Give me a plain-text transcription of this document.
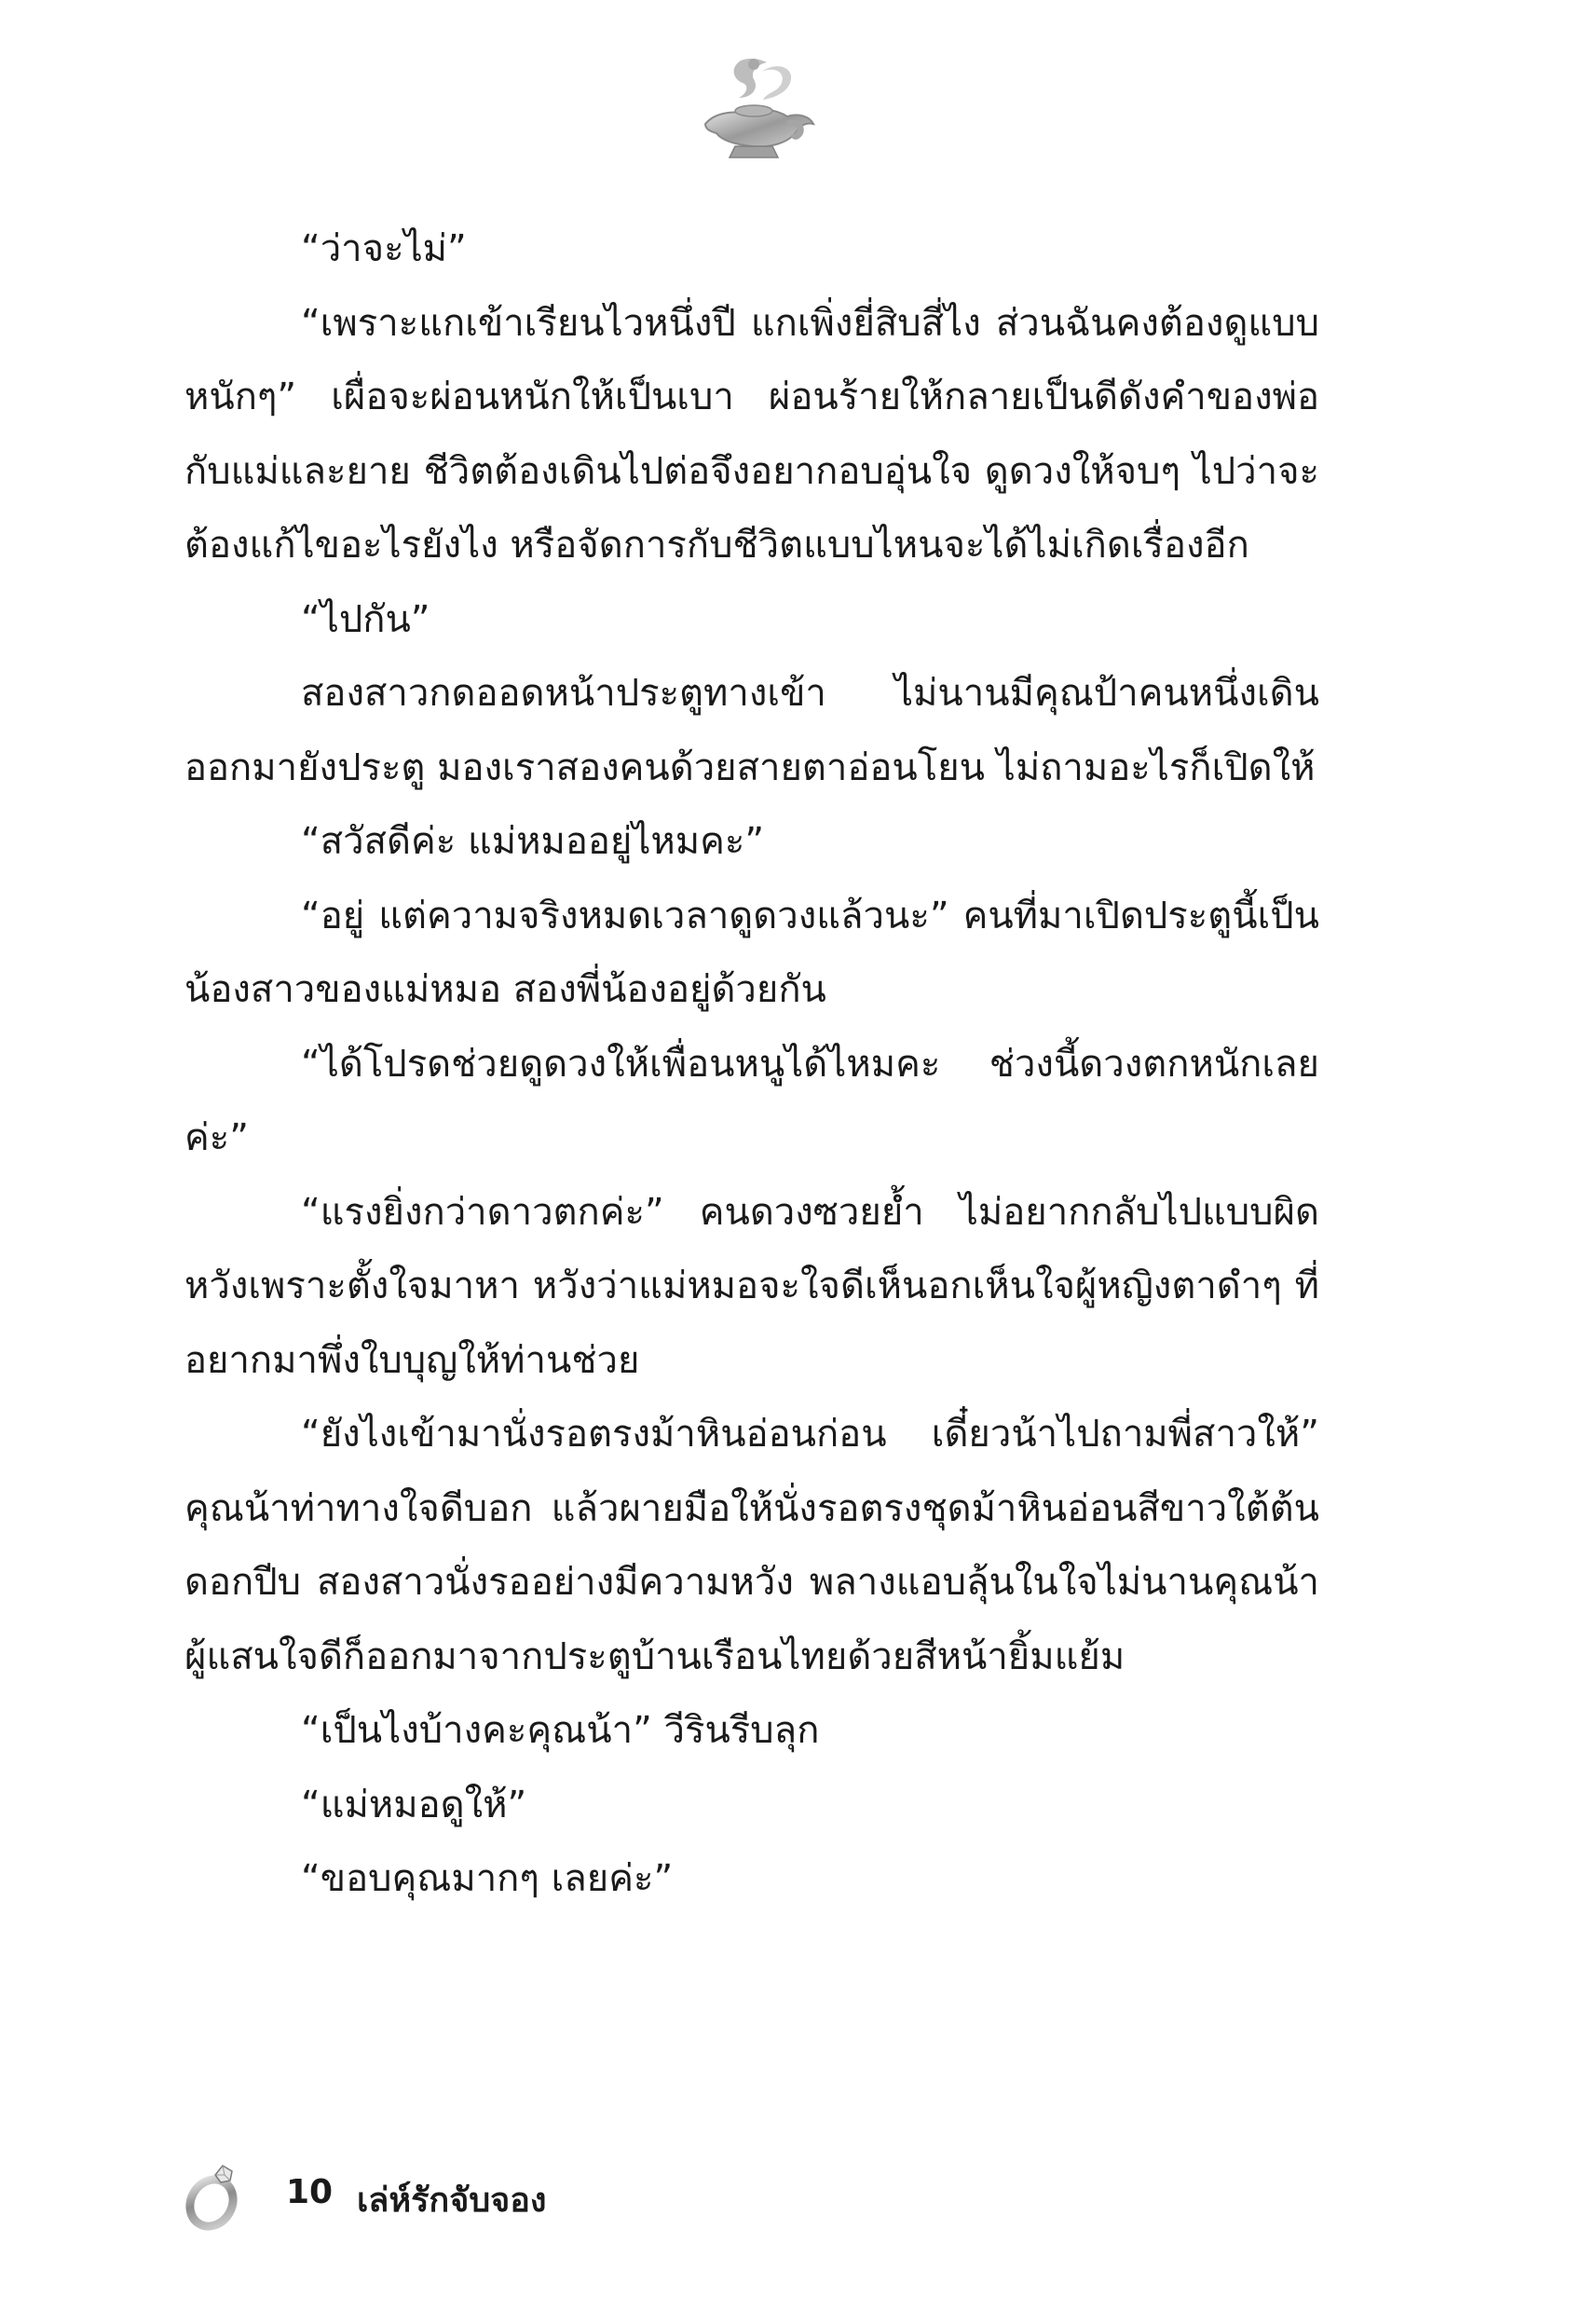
“ว่าจะไม่”

“เพราะแกเข้าเรียนไวหนึ่งปี แกเพิ่งยี่สิบสี่ไง ส่วนฉันคงต้องดูแบบหนักๆ” เผื่อจะผ่อนหนักให้เป็นเบา ผ่อนร้ายให้กลายเป็นดีดังคำของพ่อกับแม่และยาย ชีวิตต้องเดินไปต่อจึงอยากอบอุ่นใจ ดูดวงให้จบๆ ไปว่าจะต้องแก้ไขอะไรยังไง หรือจัดการกับชีวิตแบบไหนจะได้ไม่เกิดเรื่องอีก

“ไปกัน”

สองสาวกดออดหน้าประตูทางเข้า ไม่นานมีคุณป้าคนหนึ่งเดินออกมายังประตู มองเราสองคนด้วยสายตาอ่อนโยน ไม่ถามอะไรก็เปิดให้

“สวัสดีค่ะ แม่หมออยู่ไหมคะ”

“อยู่ แต่ความจริงหมดเวลาดูดวงแล้วนะ” คนที่มาเปิดประตูนี้เป็นน้องสาวของแม่หมอ สองพี่น้องอยู่ด้วยกัน

“ได้โปรดช่วยดูดวงให้เพื่อนหนูได้ไหมคะ ช่วงนี้ดวงตกหนักเลยค่ะ”

“แรงยิ่งกว่าดาวตกค่ะ” คนดวงซวยย้ำ ไม่อยากกลับไปแบบผิดหวังเพราะตั้งใจมาหา หวังว่าแม่หมอจะใจดีเห็นอกเห็นใจผู้หญิงตาดำๆ ที่อยากมาพึ่งใบบุญให้ท่านช่วย

“ยังไงเข้ามานั่งรอตรงม้าหินอ่อนก่อน เดี๋ยวน้าไปถามพี่สาวให้” คุณน้าท่าทางใจดีบอก แล้วผายมือให้นั่งรอตรงชุดม้าหินอ่อนสีขาวใต้ต้นดอกปีบ สองสาวนั่งรออย่างมีความหวัง พลางแอบลุ้นในใจไม่นานคุณน้าผู้แสนใจดีก็ออกมาจากประตูบ้านเรือนไทยด้วยสีหน้ายิ้มแย้ม

“เป็นไงบ้างคะคุณน้า” วีรินรีบลุก

“แม่หมอดูให้”

“ขอบคุณมากๆ เลยค่ะ”

10 เล่ห์รักจับจอง
